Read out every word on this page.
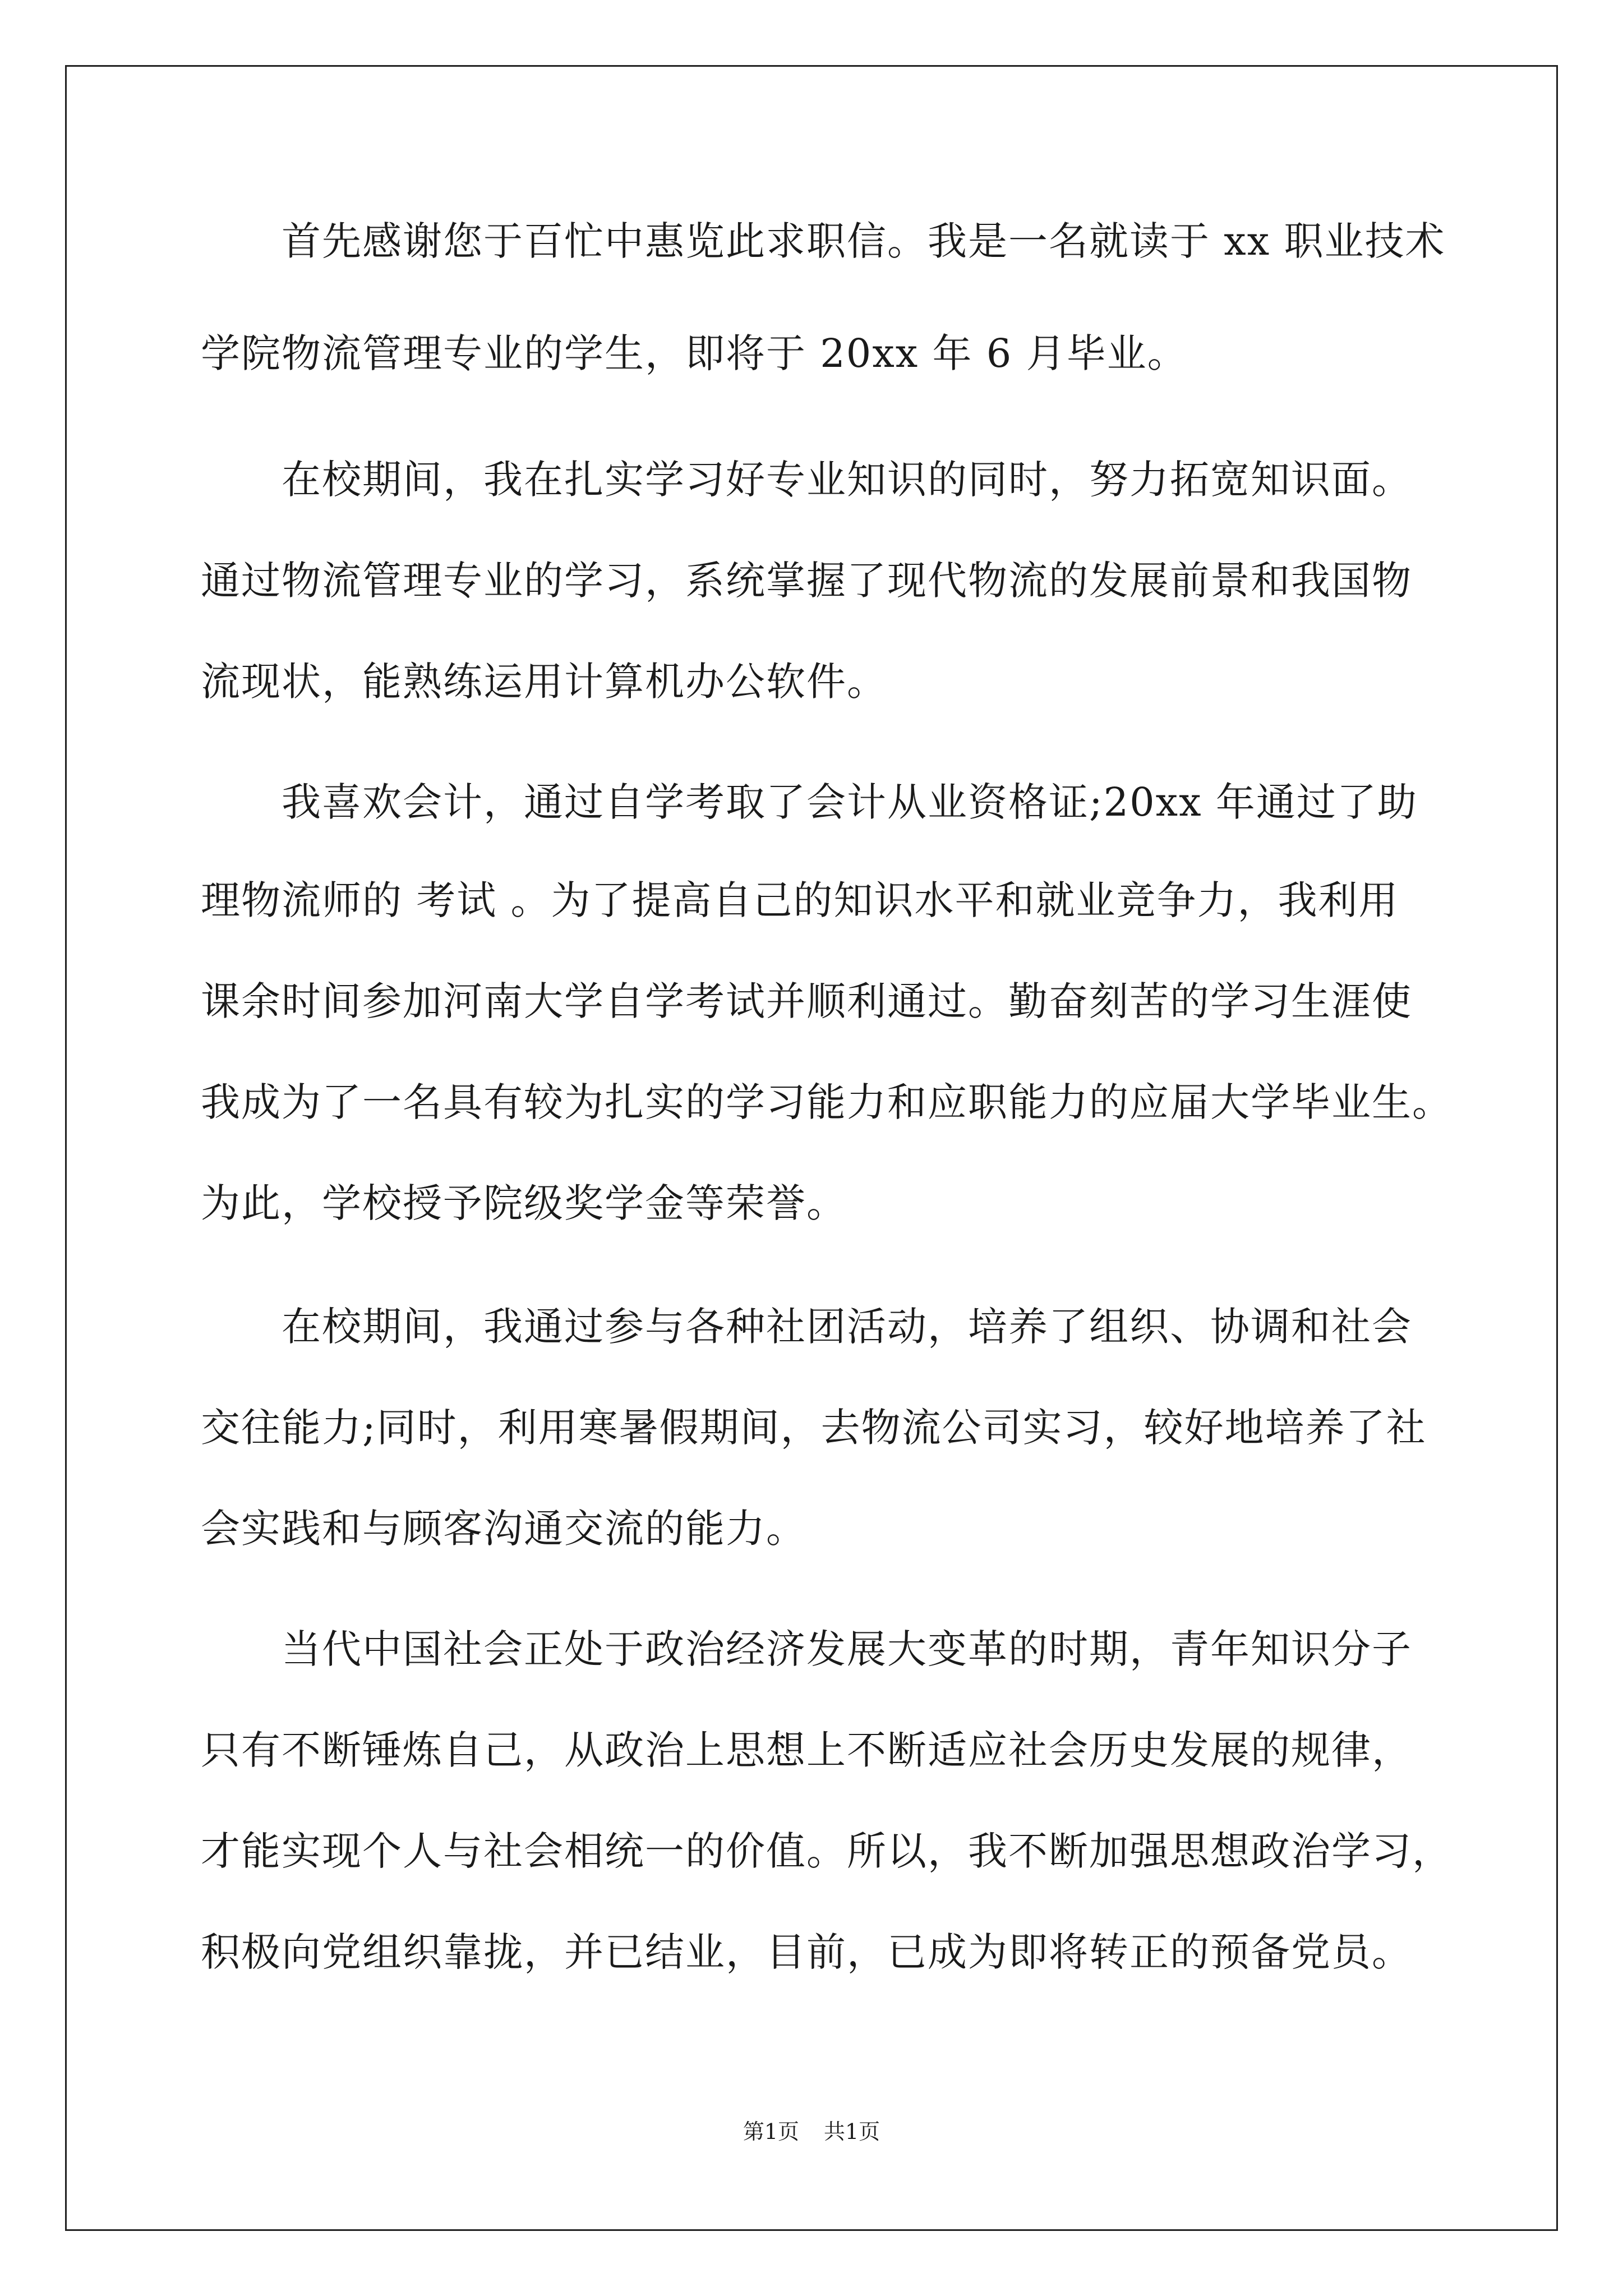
　　首先感谢您于百忙中惠览此求职信。我是一名就读于 xx 职业技术
学院物流管理专业的学生，即将于 20xx 年 6 月毕业。
　　在校期间，我在扎实学习好专业知识的同时，努力拓宽知识面。
通过物流管理专业的学习，系统掌握了现代物流的发展前景和我国物
流现状，能熟练运用计算机办公软件。
　　我喜欢会计，通过自学考取了会计从业资格证;20xx 年通过了助
理物流师的 考试 。为了提高自己的知识水平和就业竞争力，我利用
课余时间参加河南大学自学考试并顺利通过。勤奋刻苦的学习生涯使
我成为了一名具有较为扎实的学习能力和应职能力的应届大学毕业生。
为此，学校授予院级奖学金等荣誉。
　　在校期间，我通过参与各种社团活动，培养了组织、协调和社会
交往能力;同时，利用寒暑假期间，去物流公司实习，较好地培养了社
会实践和与顾客沟通交流的能力。
　　当代中国社会正处于政治经济发展大变革的时期，青年知识分子
只有不断锤炼自己，从政治上思想上不断适应社会历史发展的规律，
才能实现个人与社会相统一的价值。所以，我不断加强思想政治学习，
积极向党组织靠拢，并已结业，目前，已成为即将转正的预备党员。
第1页 共1页
